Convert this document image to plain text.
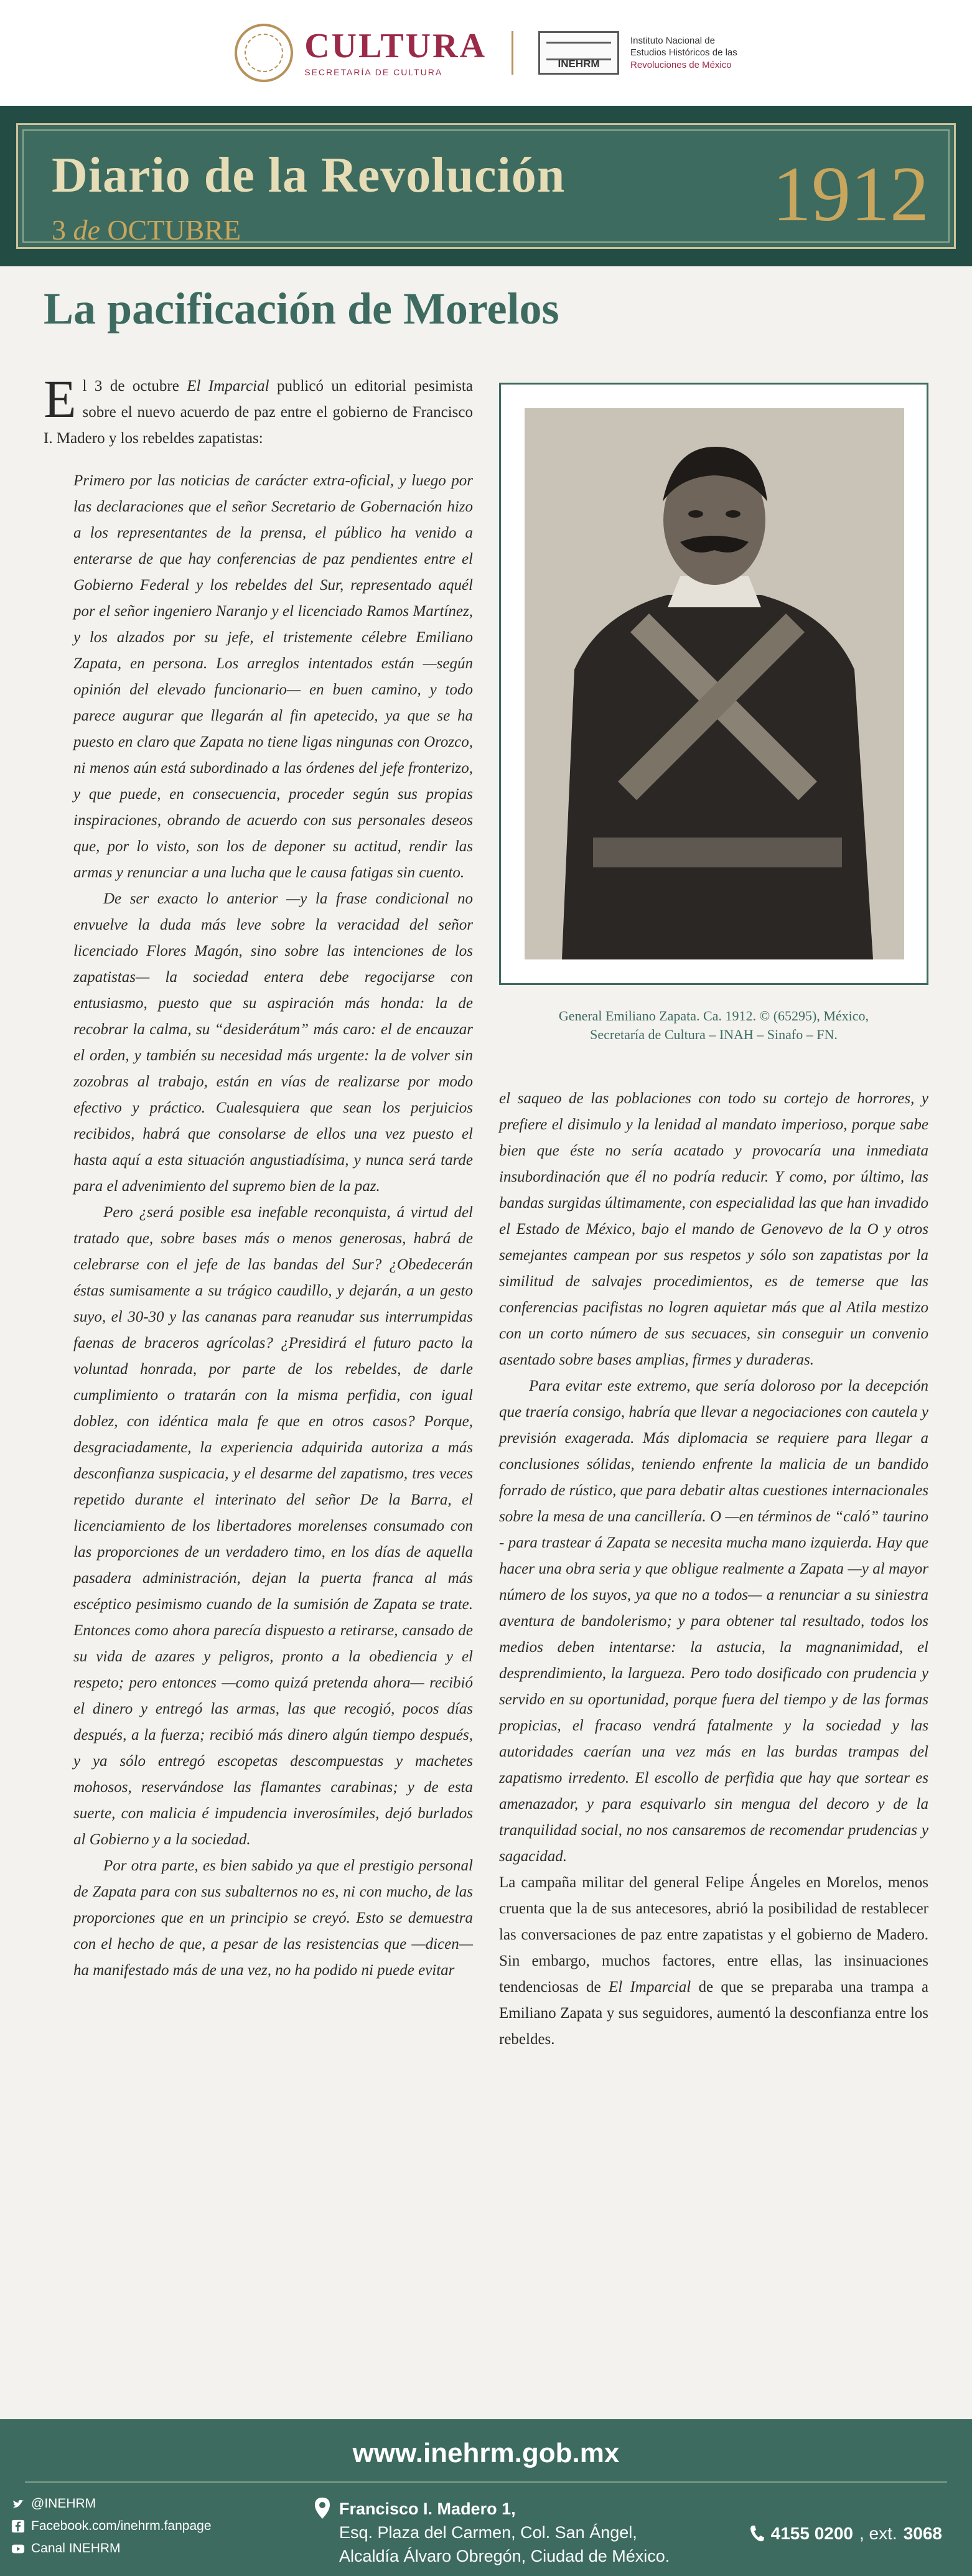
CULTURA
SECRETARÍA DE CULTURA
INEHRM
Instituto Nacional de
Estudios Históricos de las
Revoluciones de México
Diario de la Revolución
3 de OCTUBRE	1912
La pacificación de Morelos

El 3 de octubre El Imparcial publicó un editorial pesimista sobre el nuevo acuerdo de paz entre el gobierno de Francisco I. Madero y los rebeldes zapatistas:

Primero por las noticias de carácter extra-oficial, y luego por las declaraciones que el señor Secretario de Gobernación hizo a los representantes de la prensa, el público ha venido a enterarse de que hay conferencias de paz pendientes entre el Gobierno Federal y los rebeldes del Sur, representado aquél por el señor ingeniero Naranjo y el licenciado Ramos Martínez, y los alzados por su jefe, el tristemente célebre Emiliano Zapata, en persona. Los arreglos intentados están —según opinión del elevado funcionario— en buen camino, y todo parece augurar que llegarán al fin apetecido, ya que se ha puesto en claro que Zapata no tiene ligas ningunas con Orozco, ni menos aún está subordinado a las órdenes del jefe fronterizo, y que puede, en consecuencia, proceder según sus propias inspiraciones, obrando de acuerdo con sus personales deseos que, por lo visto, son los de deponer su actitud, rendir las armas y renunciar a una lucha que le causa fatigas sin cuento.

De ser exacto lo anterior —y la frase condicional no envuelve la duda más leve sobre la veracidad del señor licenciado Flores Magón, sino sobre las intenciones de los zapatistas— la sociedad entera debe regocijarse con entusiasmo, puesto que su aspiración más honda: la de recobrar la calma, su “desiderátum” más caro: el de encauzar el orden, y también su necesidad más urgente: la de volver sin zozobras al trabajo, están en vías de realizarse por modo efectivo y práctico. Cualesquiera que sean los perjuicios recibidos, habrá que consolarse de ellos una vez puesto el hasta aquí a esta situación angustiadísima, y nunca será tarde para el advenimiento del supremo bien de la paz.

Pero ¿será posible esa inefable reconquista, á virtud del tratado que, sobre bases más o menos generosas, habrá de celebrarse con el jefe de las bandas del Sur? ¿Obedecerán éstas sumisamente a su trágico caudillo, y dejarán, a un gesto suyo, el 30-30 y las cananas para reanudar sus interrumpidas faenas de braceros agrícolas? ¿Presidirá el futuro pacto la voluntad honrada, por parte de los rebeldes, de darle cumplimiento o tratarán con la misma perfidia, con igual doblez, con idéntica mala fe que en otros casos? Porque, desgraciadamente, la experiencia adquirida autoriza a más desconfianza suspicacia, y el desarme del zapatismo, tres veces repetido durante el interinato del señor De la Barra, el licenciamiento de los libertadores morelenses consumado con las proporciones de un verdadero timo, en los días de aquella pasadera administración, dejan la puerta franca al más escéptico pesimismo cuando de la sumisión de Zapata se trate. Entonces como ahora parecía dispuesto a retirarse, cansado de su vida de azares y peligros, pronto a la obediencia y el respeto; pero entonces —como quizá pretenda ahora— recibió el dinero y entregó las armas, las que recogió, pocos días después, a la fuerza; recibió más dinero algún tiempo después, y ya sólo entregó escopetas descompuestas y machetes mohosos, reservándose las flamantes carabinas; y de esta suerte, con malicia é impudencia inverosímiles, dejó burlados al Gobierno y a la sociedad.

Por otra parte, es bien sabido ya que el prestigio personal de Zapata para con sus subalternos no es, ni con mucho, de las proporciones que en un principio se creyó. Esto se demuestra con el hecho de que, a pesar de las resistencias que —dicen— ha manifestado más de una vez, no ha podido ni puede evitar

General Emiliano Zapata. Ca. 1912. © (65295), México,
Secretaría de Cultura – INAH – Sinafo – FN.

el saqueo de las poblaciones con todo su cortejo de horrores, y prefiere el disimulo y la lenidad al mandato imperioso, porque sabe bien que éste no sería acatado y provocaría una inmediata insubordinación que él no podría reducir. Y como, por último, las bandas surgidas últimamente, con especialidad las que han invadido el Estado de México, bajo el mando de Genovevo de la O y otros semejantes campean por sus respetos y sólo son zapatistas por la similitud de salvajes procedimientos, es de temerse que las conferencias pacifistas no logren aquietar más que al Atila mestizo con un corto número de sus secuaces, sin conseguir un convenio asentado sobre bases amplias, firmes y duraderas.

Para evitar este extremo, que sería doloroso por la decepción que traería consigo, habría que llevar a negociaciones con cautela y previsión exagerada. Más diplomacia se requiere para llegar a conclusiones sólidas, teniendo enfrente la malicia de un bandido forrado de rústico, que para debatir altas cuestiones internacionales sobre la mesa de una cancillería. O —en términos de “caló” taurino - para trastear á Zapata se necesita mucha mano izquierda. Hay que hacer una obra seria y que obligue realmente a Zapata —y al mayor número de los suyos, ya que no a todos— a renunciar a su siniestra aventura de bandolerismo; y para obtener tal resultado, todos los medios deben intentarse: la astucia, la magnanimidad, el desprendimiento, la largueza. Pero todo dosificado con prudencia y servido en su oportunidad, porque fuera del tiempo y de las formas propicias, el fracaso vendrá fatalmente y la sociedad y las autoridades caerían una vez más en las burdas trampas del zapatismo irredento. El escollo de perfidia que hay que sortear es amenazador, y para esquivarlo sin mengua del decoro y de la tranquilidad social, no nos cansaremos de recomendar prudencias y sagacidad.

La campaña militar del general Felipe Ángeles en Morelos, menos cruenta que la de sus antecesores, abrió la posibilidad de restablecer las conversaciones de paz entre zapatistas y el gobierno de Madero. Sin embargo, muchos factores, entre ellas, las insinuaciones tendenciosas de El Imparcial de que se preparaba una trampa a Emiliano Zapata y sus seguidores, aumentó la desconfianza entre los rebeldes.

www.inehrm.gob.mx
@INEHRM
Facebook.com/inehrm.fanpage
Canal INEHRM
Francisco I. Madero 1,
Esq. Plaza del Carmen, Col. San Ángel,
Alcaldía Álvaro Obregón, Ciudad de México.
4155 0200 , ext. 3068
